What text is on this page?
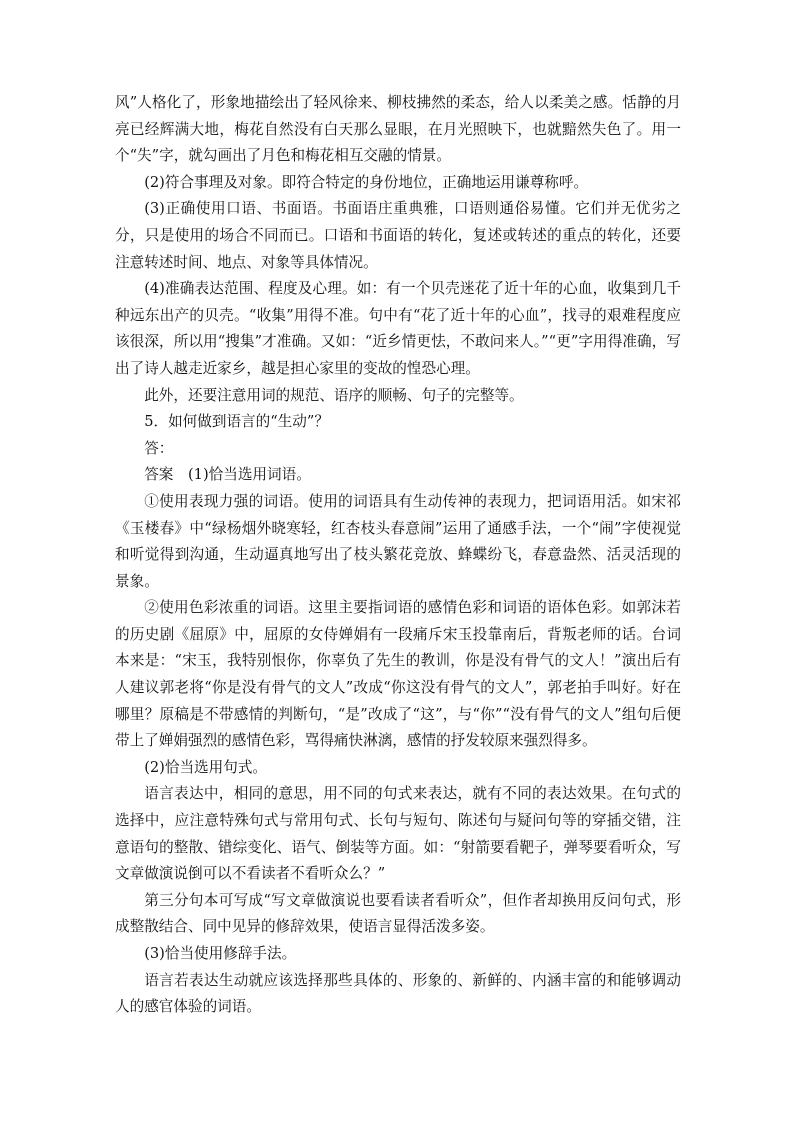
风”人格化了，形象地描绘出了轻风徐来、柳枝拂然的柔态，给人以柔美之感。恬静的月亮已经辉满大地，梅花自然没有白天那么显眼，在月光照映下，也就黯然失色了。用一个“失”字，就勾画出了月色和梅花相互交融的情景。

(2)符合事理及对象。即符合特定的身份地位，正确地运用谦尊称呼。

(3)正确使用口语、书面语。书面语庄重典雅，口语则通俗易懂。它们并无优劣之分，只是使用的场合不同而已。口语和书面语的转化，复述或转述的重点的转化，还要注意转述时间、地点、对象等具体情况。

(4)准确表达范围、程度及心理。如：有一个贝壳迷花了近十年的心血，收集到几千种远东出产的贝壳。“收集”用得不准。句中有“花了近十年的心血”，找寻的艰难程度应该很深，所以用“搜集”才准确。又如：“近乡情更怯，不敢问来人。”“更”字用得准确，写出了诗人越走近家乡，越是担心家里的变故的惶恐心理。

此外，还要注意用词的规范、语序的顺畅、句子的完整等。

5．如何做到语言的“生动”？

答：

答案　(1)恰当选用词语。

①使用表现力强的词语。使用的词语具有生动传神的表现力，把词语用活。如宋祁《玉楼春》中“绿杨烟外晓寒轻，红杏枝头春意闹”运用了通感手法，一个“闹”字使视觉和听觉得到沟通，生动逼真地写出了枝头繁花竞放、蜂蝶纷飞，春意盎然、活灵活现的景象。

②使用色彩浓重的词语。这里主要指词语的感情色彩和词语的语体色彩。如郭沫若的历史剧《屈原》中，屈原的女侍婵娟有一段痛斥宋玉投靠南后，背叛老师的话。台词本来是：“宋玉，我特别恨你，你辜负了先生的教训，你是没有骨气的文人！”演出后有人建议郭老将“你是没有骨气的文人”改成“你这没有骨气的文人”，郭老拍手叫好。好在哪里？原稿是不带感情的判断句，“是”改成了“这”，与“你”“没有骨气的文人”组句后便带上了婵娟强烈的感情色彩，骂得痛快淋漓，感情的抒发较原来强烈得多。

(2)恰当选用句式。

语言表达中，相同的意思，用不同的句式来表达，就有不同的表达效果。在句式的选择中，应注意特殊句式与常用句式、长句与短句、陈述句与疑问句等的穿插交错，注意语句的整散、错综变化、语气、倒装等方面。如：“射箭要看靶子，弹琴要看听众，写文章做演说倒可以不看读者不看听众么？”

第三分句本可写成“写文章做演说也要看读者看听众”，但作者却换用反问句式，形成整散结合、同中见异的修辞效果，使语言显得活泼多姿。

(3)恰当使用修辞手法。

语言若表达生动就应该选择那些具体的、形象的、新鲜的、内涵丰富的和能够调动人的感官体验的词语。
